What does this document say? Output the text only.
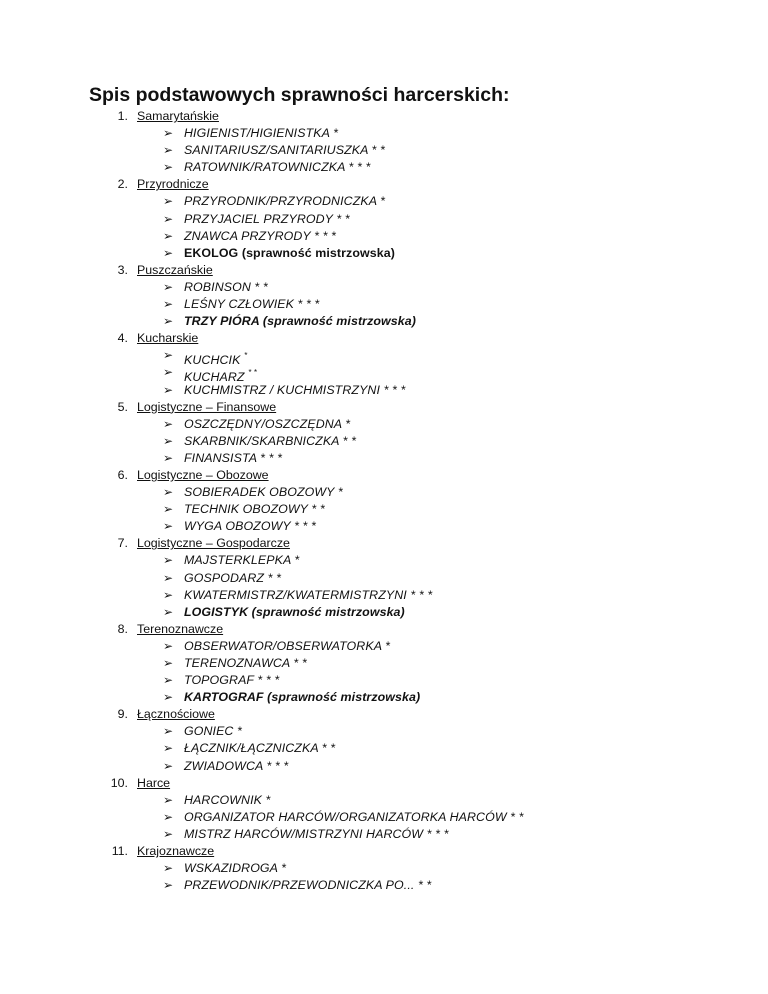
Spis podstawowych sprawności harcerskich:
1. Samarytańskie
➢ HIGIENIST/HIGIENISTKA *
➢ SANITARIUSZ/SANITARIUSZKA * *
➢ RATOWNIK/RATOWNICZKA * * *
2. Przyrodnicze
➢ PRZYRODNIK/PRZYRODNICZKA *
➢ PRZYJACIEL PRZYRODY * *
➢ ZNAWCA PRZYRODY * * *
➢ EKOLOG (sprawność mistrzowska)
3. Puszczańskie
➢ ROBINSON * *
➢ LEŚNY CZŁOWIEK * * *
➢ TRZY PIÓRA (sprawność mistrzowska)
4. Kucharskie
➢ KUCHCIK *
➢ KUCHARZ * *
➢ KUCHMISTRZ / KUCHMISTRZYNI * * *
5. Logistyczne – Finansowe
➢ OSZCZĘDNY/OSZCZĘDNA *
➢ SKARBNIK/SKARBNICZKA * *
➢ FINANSISTA * * *
6. Logistyczne – Obozowe
➢ SOBIERADEK OBOZOWY *
➢ TECHNIK OBOZOWY * *
➢ WYGA OBOZOWY * * *
7. Logistyczne – Gospodarcze
➢ MAJSTERKLEPKA *
➢ GOSPODARZ * *
➢ KWATERMISTRZ/KWATERMISTRZYNI * * *
➢ LOGISTYK (sprawność mistrzowska)
8. Terenoznawcze
➢ OBSERWATOR/OBSERWATORKA *
➢ TERENOZNAWCA * *
➢ TOPOGRAF * * *
➢ KARTOGRAF (sprawność mistrzowska)
9. Łącznościowe
➢ GONIEC *
➢ ŁĄCZNIK/ŁĄCZNICZKA * *
➢ ZWIADOWCA * * *
10. Harce
➢ HARCOWNIK *
➢ ORGANIZATOR HARCÓW/ORGANIZATORKA HARCÓW * *
➢ MISTRZ HARCÓW/MISTRZYNI HARCÓW * * *
11. Krajoznawcze
➢ WSKAZIDROGA *
➢ PRZEWODNIK/PRZEWODNICZKA PO... * *
